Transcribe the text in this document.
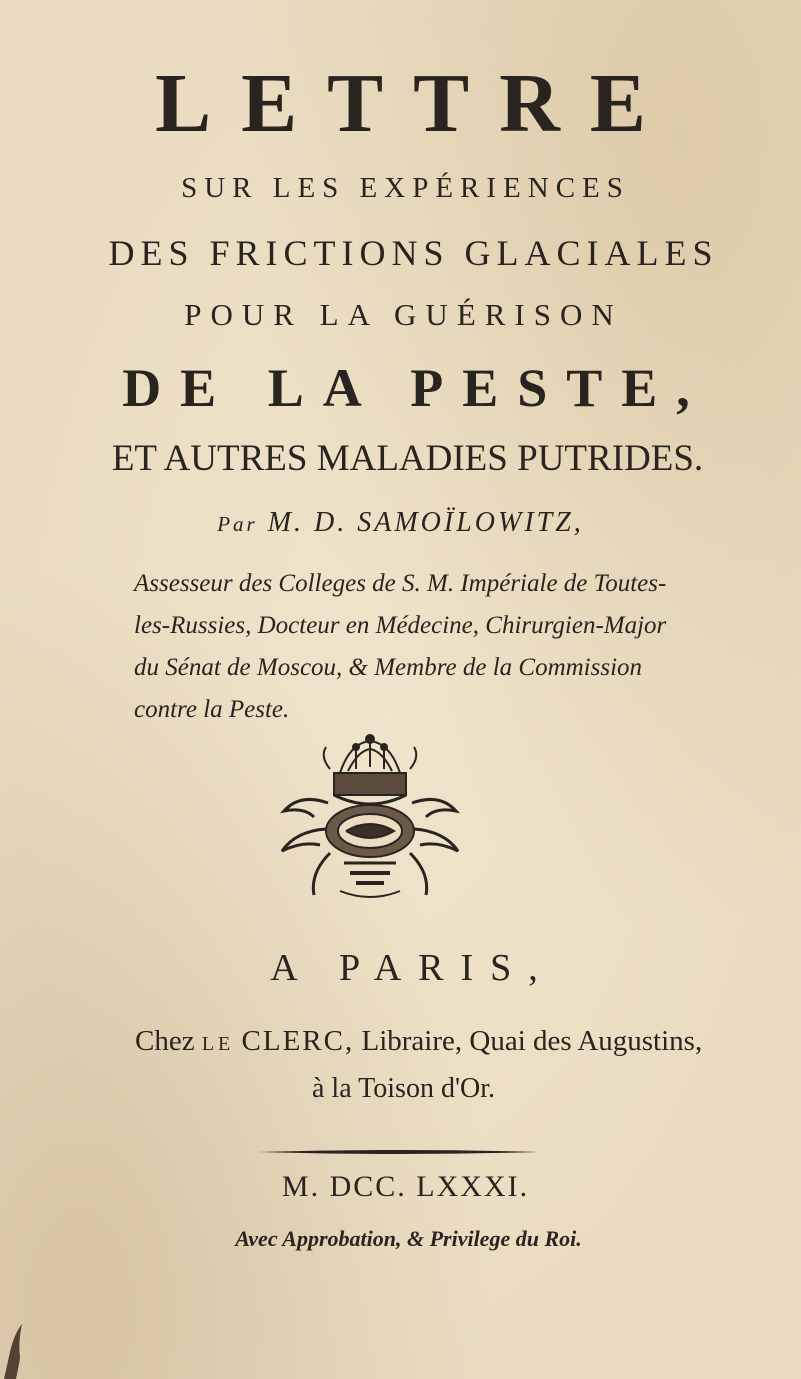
LETTRE

SUR LES EXPÉRIENCES

DES FRICTIONS GLACIALES

POUR LA GUÉRISON

DE LA PESTE,

ET AUTRES MALADIES PUTRIDES.

Par M. D. SAMOÏLOWITZ,

Assesseur des Colleges de S. M. Impériale de Toutes-
les-Russies, Docteur en Médecine, Chirurgien-Major
du Sénat de Moscou, & Membre de la Commission
contre la Peste.

A PARIS,

Chez LE CLERC, Libraire, Quai des Augustins,

à la Toison d'Or.

M. DCC. LXXXI.

Avec Approbation, & Privilege du Roi.
